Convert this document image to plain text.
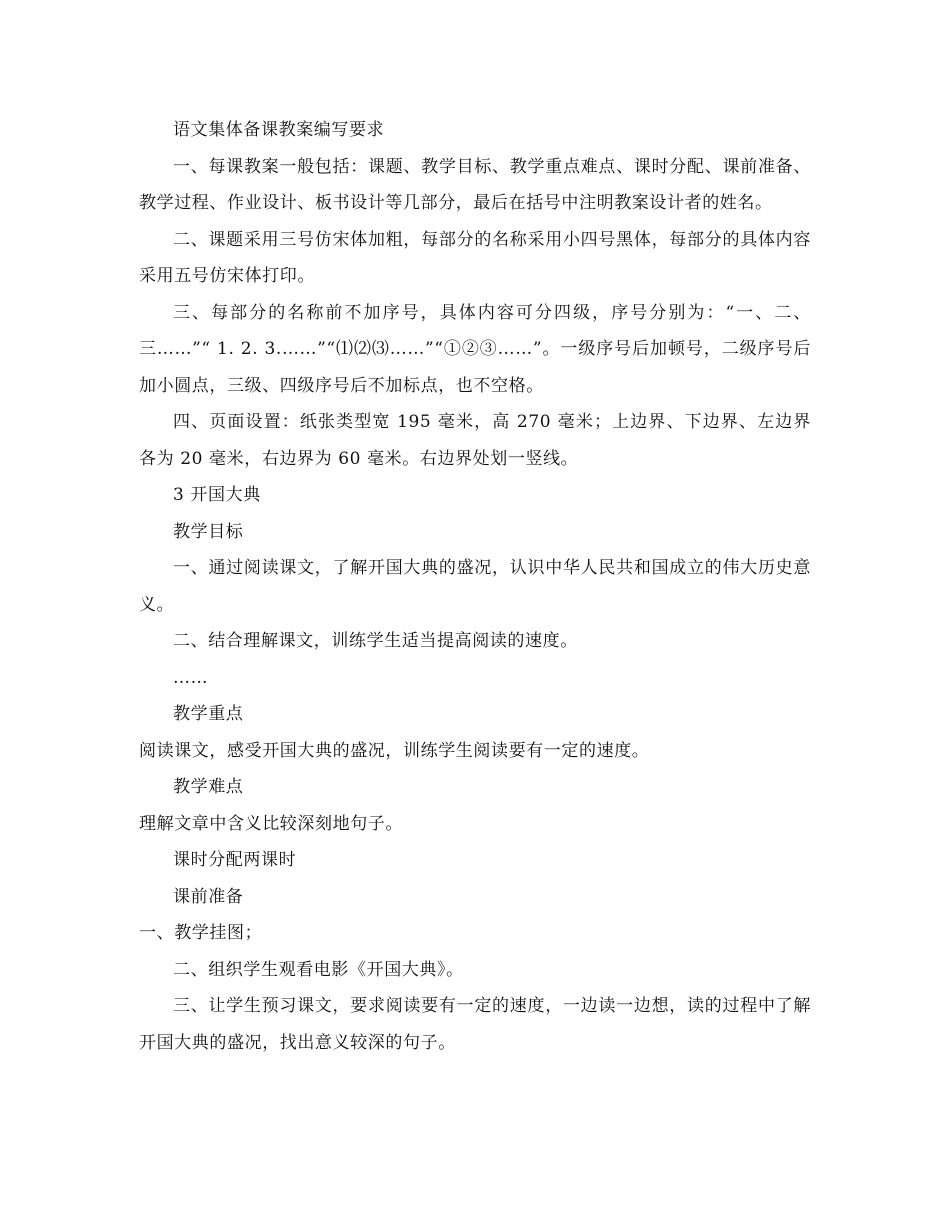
语文集体备课教案编写要求

一、每课教案一般包括：课题、教学目标、教学重点难点、课时分配、课前准备、教学过程、作业设计、板书设计等几部分，最后在括号中注明教案设计者的姓名。

二、课题采用三号仿宋体加粗，每部分的名称采用小四号黑体，每部分的具体内容采用五号仿宋体打印。

三、每部分的名称前不加序号，具体内容可分四级，序号分别为：“一、二、三……”“ 1. 2. 3.……”“⑴⑵⑶……”“①②③……”。一级序号后加顿号，二级序号后加小圆点，三级、四级序号后不加标点，也不空格。

四、页面设置：纸张类型宽 195 毫米，高 270 毫米；上边界、下边界、左边界各为 20 毫米，右边界为 60 毫米。右边界处划一竖线。

3 开国大典

教学目标

一、通过阅读课文，了解开国大典的盛况，认识中华人民共和国成立的伟大历史意义。

二、结合理解课文，训练学生适当提高阅读的速度。

……

教学重点

阅读课文，感受开国大典的盛况，训练学生阅读要有一定的速度。

教学难点

理解文章中含义比较深刻地句子。

课时分配两课时

课前准备

一、教学挂图；

二、组织学生观看电影《开国大典》。

三、让学生预习课文，要求阅读要有一定的速度，一边读一边想，读的过程中了解开国大典的盛况，找出意义较深的句子。
